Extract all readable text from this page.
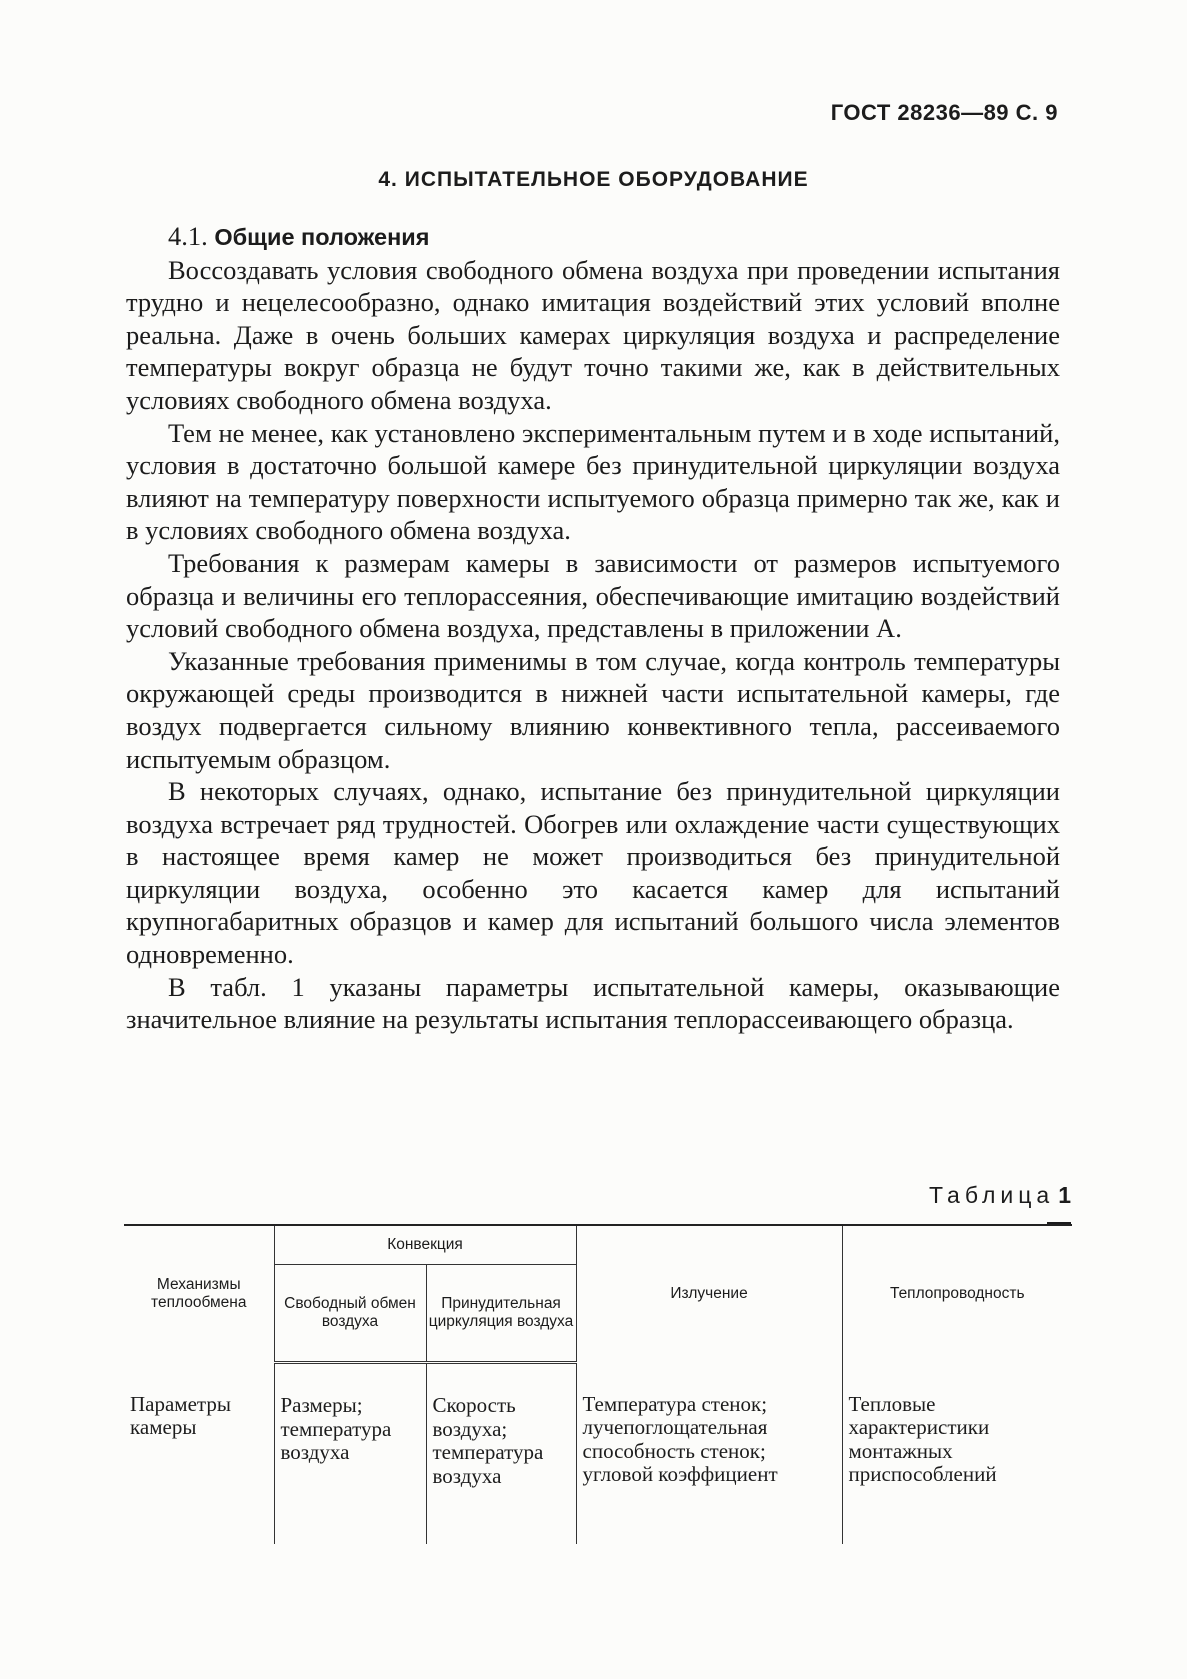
ГОСТ 28236—89 С. 9
4. ИСПЫТАТЕЛЬНОЕ ОБОРУДОВАНИЕ

4.1. Общие положения

Воссоздавать условия свободного обмена воздуха при проведении испытания трудно и нецелесообразно, однако имитация воздействий этих условий вполне реальна. Даже в очень больших камерах циркуляция воздуха и распределение температуры вокруг образца не будут точно такими же, как в действительных условиях свободного обмена воздуха.

Тем не менее, как установлено экспериментальным путем и в ходе испытаний, условия в достаточно большой камере без принудительной циркуляции воздуха влияют на температуру поверхности испытуемого образца примерно так же, как и в условиях свободного обмена воздуха.

Требования к размерам камеры в зависимости от размеров испытуемого образца и величины его теплорассеяния, обеспечивающие имитацию воздействий условий свободного обмена воздуха, представлены в приложении А.

Указанные требования применимы в том случае, когда контроль температуры окружающей среды производится в нижней части испытательной камеры, где воздух подвергается сильному влиянию конвективного тепла, рассеиваемого испытуемым образцом.

В некоторых случаях, однако, испытание без принудительной циркуляции воздуха встречает ряд трудностей. Обогрев или охлаждение части существующих в настоящее время камер не может производиться без принудительной циркуляции воздуха, особенно это касается камер для испытаний крупногабаритных образцов и камер для испытаний большого числа элементов одновременно.

В табл. 1 указаны параметры испытательной камеры, оказывающие значительное влияние на результаты испытания теплорассеивающего образца.

Таблица 1
Механизмы теплообмена	Конвекция		Излучение	Теплопроводность
	Свободный обмен воздуха	Принудительная циркуляция воздуха		
Параметры камеры	Размеры; температура воздуха	Скорость воздуха; температура воздуха	Температура стенок; лучепоглощательная способность стенок; угловой коэффициент	Тепловые характеристики монтажных приспособлений
